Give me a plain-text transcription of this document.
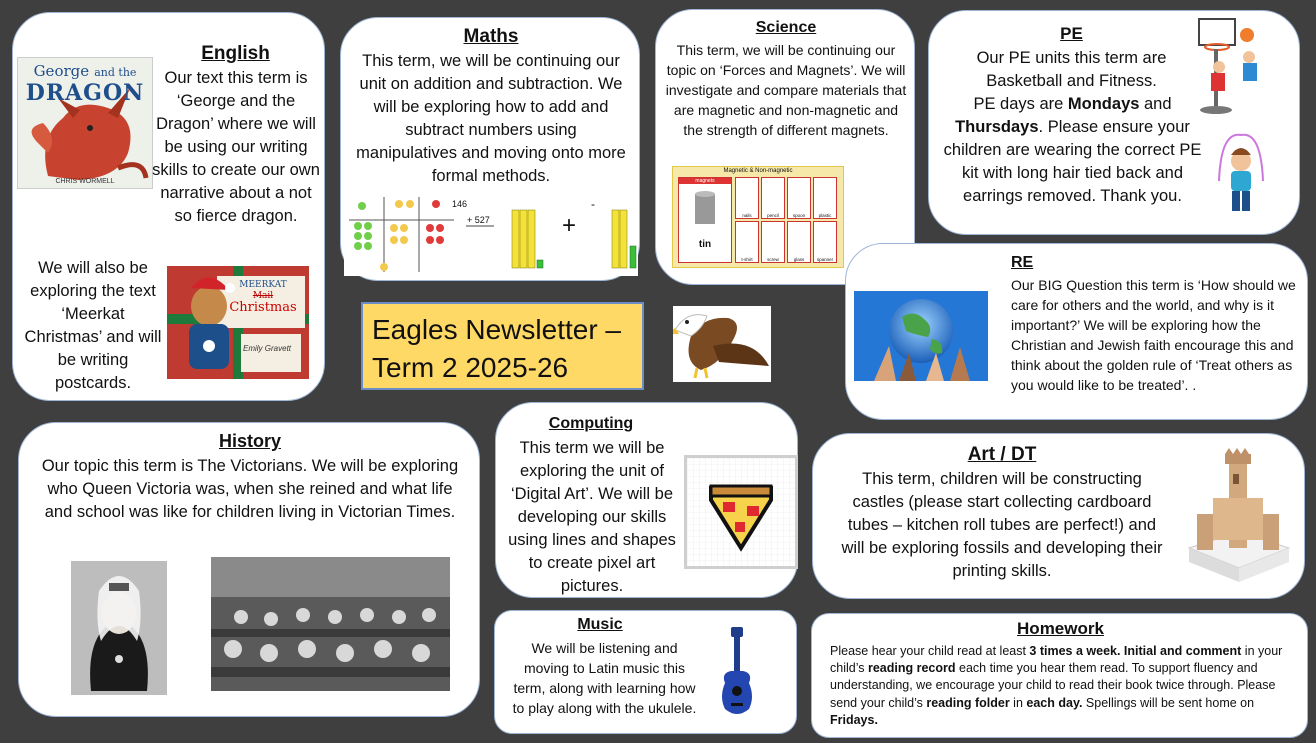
George and the
DRAGON
CHRIS WORMELL
English
Our text this term is ‘George and the Dragon’ where we will be using our writing skills to create our own narrative about a not so fierce dragon.
We will also be exploring the text ‘Meerkat Christmas’ and will be writing postcards.
MEERKAT
Mail
Christmas
Emily Gravett
Maths
This term, we will be continuing our unit on addition and subtraction. We will be exploring how to add and subtract numbers using manipulatives and moving onto more formal methods.
146
+ 527	+
-
Science
This term, we will be continuing our topic on ‘Forces and Magnets’. We will investigate and compare materials that are magnetic and non-magnetic and the strength of different magnets.
Magnetic & Non-magnetic
magnets
tin
nails	pencil	spoon	plastic
t-shirt	screw	glass	spanner
PE
Our PE units this term are Basketball and Fitness.
PE days are Mondays and Thursdays. Please ensure your children are wearing the correct PE kit with long hair tied back and earrings removed. Thank you.
RE
Our BIG Question this term is ‘How should we care for others and the world, and why is it important?’ We will be exploring how the Christian and Jewish faith encourage this and think about the golden rule of ‘Treat others as you would like to be treated’. .
Eagles Newsletter – Term 2 2025-26
History
Our topic this term is The Victorians. We will be exploring who Queen Victoria was, when she reined and what life and school was like for children living in Victorian Times.
Computing
This term we will be exploring the unit of ‘Digital Art’. We will be developing our skills using lines and shapes to create pixel art pictures.
Music
We will be listening and moving to Latin music this term, along with learning how to play along with the ukulele.
Art / DT
This term, children will be constructing castles (please start collecting cardboard tubes – kitchen roll tubes are perfect!) and will be exploring fossils and developing their printing skills.
Homework
Please hear your child read at least 3 times a week. Initial and comment in your child’s reading record each time you hear them read. To support fluency and understanding, we encourage your child to read their book twice through. Please send your child’s reading folder in each day. Spellings will be sent home on Fridays.
